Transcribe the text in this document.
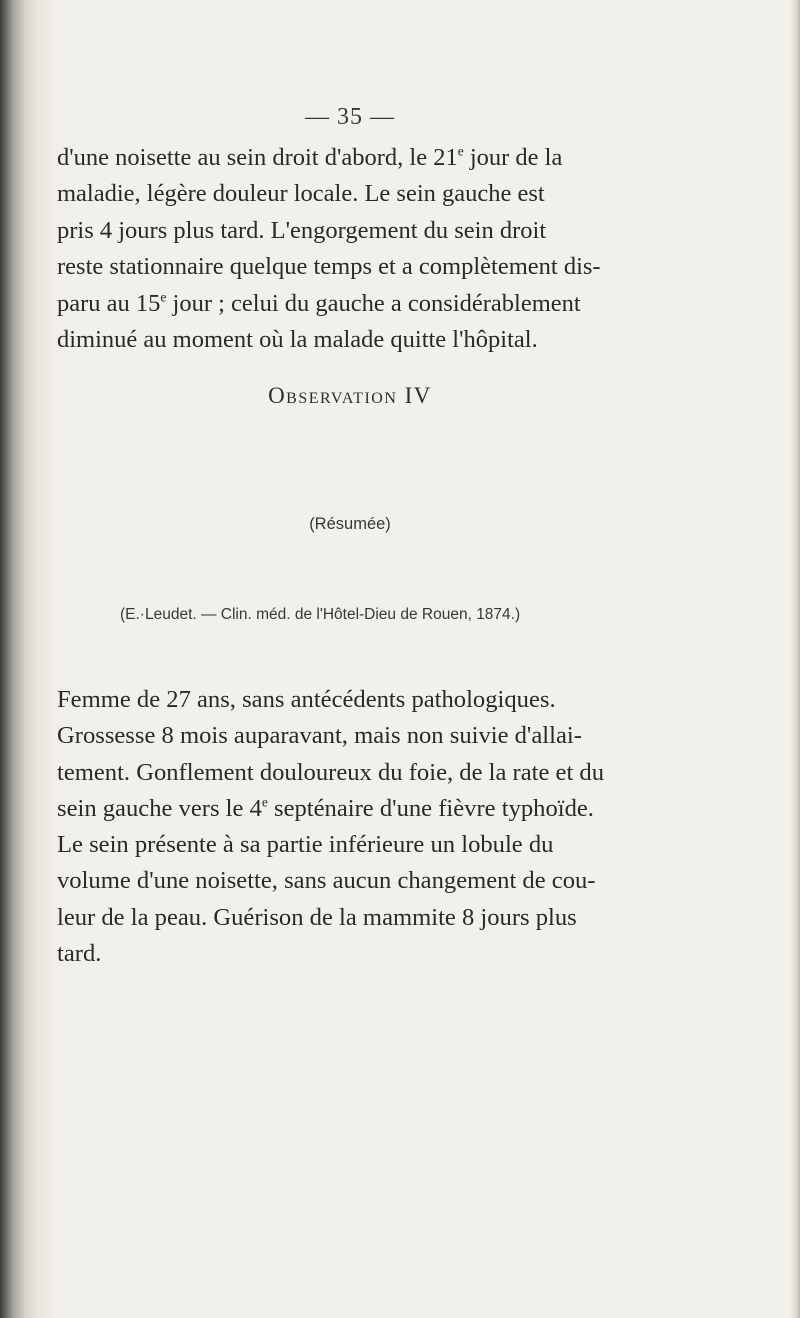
— 35 —

d'une noisette au sein droit d'abord, le 21e jour de la
maladie, légère douleur locale. Le sein gauche est
pris 4 jours plus tard. L'engorgement du sein droit
reste stationnaire quelque temps et a complètement dis-
paru au 15e jour ; celui du gauche a considérablement
diminué au moment où la malade quitte l'hôpital.

Observation IV
(Résumée)
(E.·Leudet. — Clin. méd. de l'Hôtel-Dieu de Rouen, 1874.)

Femme de 27 ans, sans antécédents pathologiques.
Grossesse 8 mois auparavant, mais non suivie d'allai-
tement. Gonflement douloureux du foie, de la rate et du
sein gauche vers le 4e septénaire d'une fièvre typhoïde.
Le sein présente à sa partie inférieure un lobule du
volume d'une noisette, sans aucun changement de cou-
leur de la peau. Guérison de la mammite 8 jours plus
tard.
